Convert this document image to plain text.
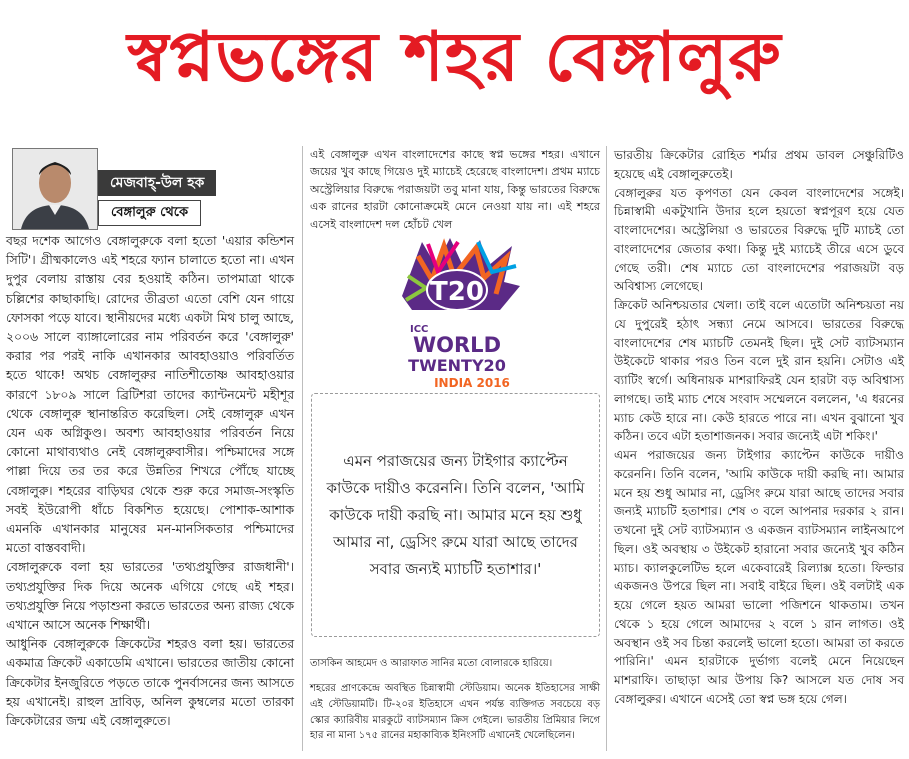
স্বপ্নভঙ্গের শহর বেঙ্গালুরু
মেজবাহ্-উল হক
বেঙ্গালুরু থেকে

বছর দশেক আগেও বেঙ্গালুরুকে বলা হতো 'এয়ার কন্ডিশন সিটি'। গ্রীষ্মকালেও এই শহরে ফ্যান চালাতে হতো না। এখন দুপুর বেলায় রাস্তায় বের হওয়াই কঠিন। তাপমাত্রা থাকে চল্লিশের কাছাকাছি। রোদের তীব্রতা এতো বেশি যেন গায়ে ফোসকা পড়ে যাবে। স্থানীয়দের মধ্যে একটা মিথ চালু আছে, ২০০৬ সালে ব্যাঙ্গালোরের নাম পরিবর্তন করে 'বেঙ্গালুরু' করার পর পরই নাকি এখানকার আবহাওয়াও পরিবর্তিত হতে থাকে! অথচ বেঙ্গালুরুর নাতিশীতোষ্ণ আবহাওয়ার কারণে ১৮০৯ সালে ব্রিটিশরা তাদের ক্যান্টনমেন্ট মহীশূর থেকে বেঙ্গালুরু স্থানান্তরিত করেছিল। সেই বেঙ্গালুরু এখন যেন এক অগ্নিকুণ্ড। অবশ্য আবহাওয়ার পরিবর্তন নিয়ে কোনো মাথাব্যথাও নেই বেঙ্গালুরুবাসীর। পশ্চিমাদের সঙ্গে পাল্লা দিয়ে তর তর করে উন্নতির শিখরে পৌঁছে যাচ্ছে বেঙ্গালুরু। শহরের বাড়িঘর থেকে শুরু করে সমাজ-সংস্কৃতি সবই ইউরোপী ধাঁচে বিকশিত হয়েছে। পোশাক-আশাক এমনকি এখানকার মানুষের মন-মানসিকতার পশ্চিমাদের মতো বাস্তববাদী।

বেঙ্গালুরুকে বলা হয় ভারতের 'তথ্যপ্রযুক্তির রাজধানী'। তথ্যপ্রযুক্তির দিক দিয়ে অনেক এগিয়ে গেছে এই শহর। তথ্যপ্রযুক্তি নিয়ে পড়াশুনা করতে ভারতের অন্য রাজ্য থেকে এখানে আসে অনেক শিক্ষার্থী।

আধুনিক বেঙ্গালুরুকে ক্রিকেটের শহরও বলা হয়। ভারতের একমাত্র ক্রিকেট একাডেমি এখানে। ভারতের জাতীয় কোনো ক্রিকেটার ইনজুরিতে পড়তে তাকে পুনর্বাসনের জন্য আসতে হয় এখানেই। রাহুল দ্রাবিড়, অনিল কুম্বলের মতো তারকা ক্রিকেটারের জন্ম এই বেঙ্গালুরুতে।

এই বেঙ্গালুরু এখন বাংলাদেশের কাছে স্বপ্ন ভঙ্গের শহর। এখানে জয়ের খুব কাছে গিয়েও দুই ম্যাচেই হেরেছে বাংলাদেশ। প্রথম ম্যাচে অস্ট্রেলিয়ার বিরুদ্ধে পরাজয়টা তবু মানা যায়, কিন্তু ভারতের বিরুদ্ধে এক রানের হারটা কোনোক্রমেই মেনে নেওয়া যায় না। এই শহরে এসেই বাংলাদেশ দল হোঁচট খেল

T20
ICC
WORLD
TWENTY20
INDIA 2016
এমন পরাজয়ের জন্য টাইগার ক্যাপ্টেন কাউকে দায়ীও করেননি। তিনি বলেন, 'আমি কাউকে দায়ী করছি না। আমার মনে হয় শুধু আমার না, ড্রেসিং রুমে যারা আছে তাদের সবার জন্যই ম্যাচটি হতাশার।'

তাসকিন আহমেদ ও আরাফাত সানির মতো বোলারকে হারিয়ে।

শহরের প্রাণকেন্দ্রে অবস্থিত চিন্নাস্বামী স্টেডিয়াম। অনেক ইতিহাসের সাক্ষী এই স্টেডিয়ামটি। টি-২০র ইতিহাসে এখন পর্যন্ত ব্যক্তিগত সবচেয়ে বড় স্কোর ক্যারিবীয় মারকুটে ব্যাটসম্যান ক্রিস গেইলে। ভারতীয় প্রিমিয়ার লিগে হার না মানা ১৭৫ রানের মহাকাব্যিক ইনিংসটি এখানেই খেলেছিলেন।

ভারতীয় ক্রিকেটার রোহিত শর্মার প্রথম ডাবল সেঞ্চুরিটিও হয়েছে এই বেঙ্গালুরুতেই।

বেঙ্গালুরুর যত কৃপণতা যেন কেবল বাংলাদেশের সঙ্গেই। চিন্নাস্বামী একটুখানি উদার হলে হয়তো স্বপ্নপূরণ হয়ে যেত বাংলাদেশের। অস্ট্রেলিয়া ও ভারতের বিরুদ্ধে দুটি ম্যাচই তো বাংলাদেশের জেতার কথা। কিন্তু দুই ম্যাচেই তীরে এসে ডুবে গেছে তরী। শেষ ম্যাচে তো বাংলাদেশের পরাজয়টা বড় অবিশ্বাস্য লেগেছে।

ক্রিকেট অনিশ্চয়তার খেলা। তাই বলে এতোটা অনিশ্চয়তা নয় যে দুপুরেই হঠাৎ সন্ধ্যা নেমে আসবে। ভারতের বিরুদ্ধে বাংলাদেশের শেষ ম্যাচটি তেমনই ছিল। দুই সেট ব্যাটসম্যান উইকেটে থাকার পরও তিন বলে দুই রান হয়নি। সেটাও এই ব্যাটিং স্বর্গে। অধিনায়ক মাশরাফিরই যেন হারটা বড় অবিশ্বাস্য লাগছে। তাই ম্যাচ শেষে সংবাদ সম্মেলনে বললেন, 'এ ধরনের ম্যাচ কেউ হারে না। কেউ হারতে পারে না। এখন বুঝানো খুব কঠিন। তবে এটা হতাশাজনক। সবার জন্যেই এটা শকিং।'

এমন পরাজয়ের জন্য টাইগার ক্যাপ্টেন কাউকে দায়ীও করেননি। তিনি বলেন, 'আমি কাউকে দায়ী করছি না। আমার মনে হয় শুধু আমার না, ড্রেসিং রুমে যারা আছে তাদের সবার জন্যই ম্যাচটি হতাশার। শেষ ৩ বলে আপনার দরকার ২ রান। তখনো দুই সেট ব্যাটসম্যান ও একজন ব্যাটসম্যান লাইনআপে ছিল। ওই অবস্থায় ৩ উইকেট হারানো সবার জন্যেই খুব কঠিন ম্যাচ। ক্যালকুলেটিভ হলে একেবারেই রিল্যাক্স হতো। ফিল্ডার একজনও উপরে ছিল না। সবাই বাইরে ছিল। ওই বলটাই এক হয়ে গেলে হয়ত আমরা ভালো পজিশনে থাকতাম। তখন থেকে ১ হয়ে গেলে আমাদের ২ বলে ১ রান লাগত। ওই অবস্থান ওই সব চিন্তা করলেই ভালো হতো। আমরা তা করতে পারিনি।' এমন হারটাকে দুর্ভাগ্য বলেই মেনে নিয়েছেন মাশরাফি। তাছাড়া আর উপায় কি? আসলে যত দোষ সব বেঙ্গালুরুর। এখানে এসেই তো স্বপ্ন ভঙ্গ হয়ে গেল।
